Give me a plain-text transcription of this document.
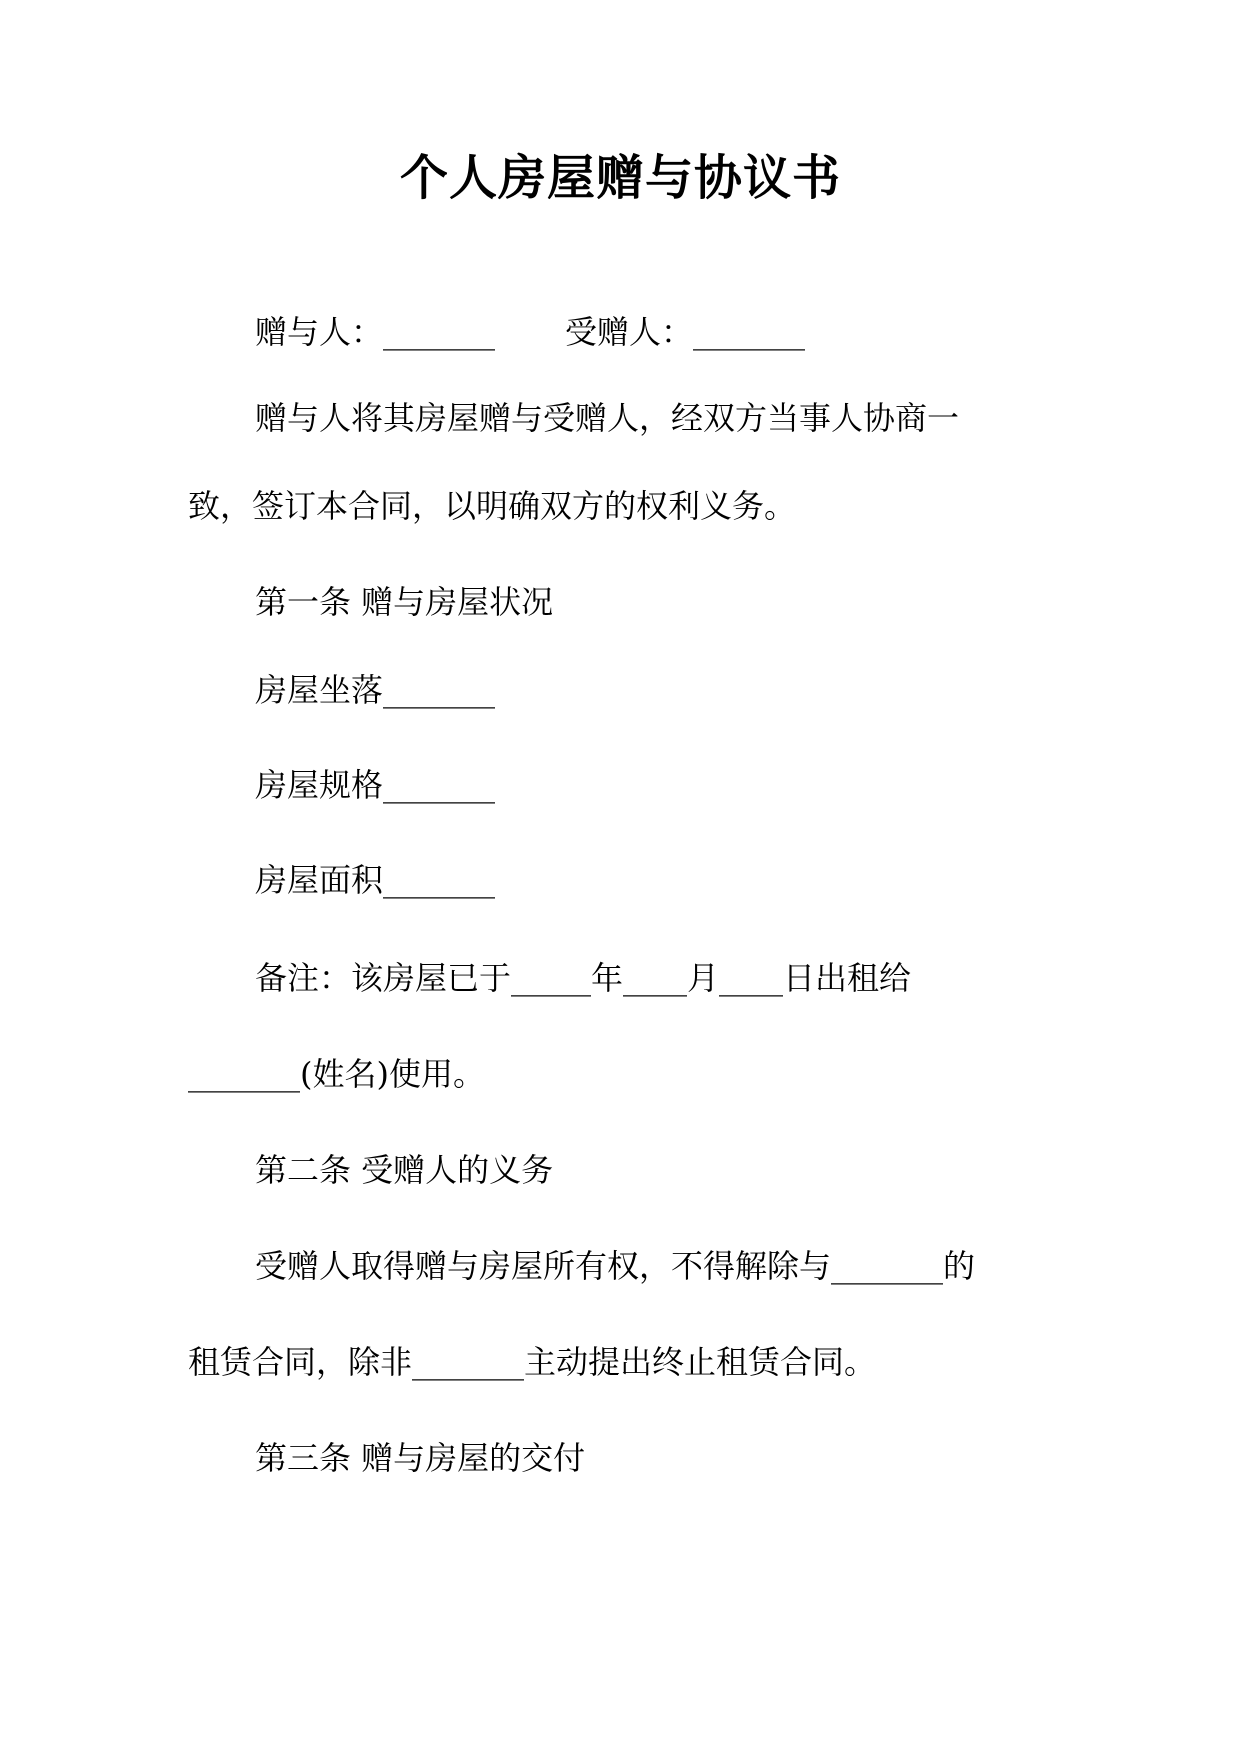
个人房屋赠与协议书

赠与人：_______ 受赠人：_______

赠与人将其房屋赠与受赠人，经双方当事人协商一

致，签订本合同，以明确双方的权利义务。

第一条 赠与房屋状况

房屋坐落_______

房屋规格_______

房屋面积_______

备注：该房屋已于_____年____月____日出租给

_______(姓名)使用。

第二条 受赠人的义务

受赠人取得赠与房屋所有权，不得解除与_______的

租赁合同，除非_______主动提出终止租赁合同。

第三条 赠与房屋的交付
